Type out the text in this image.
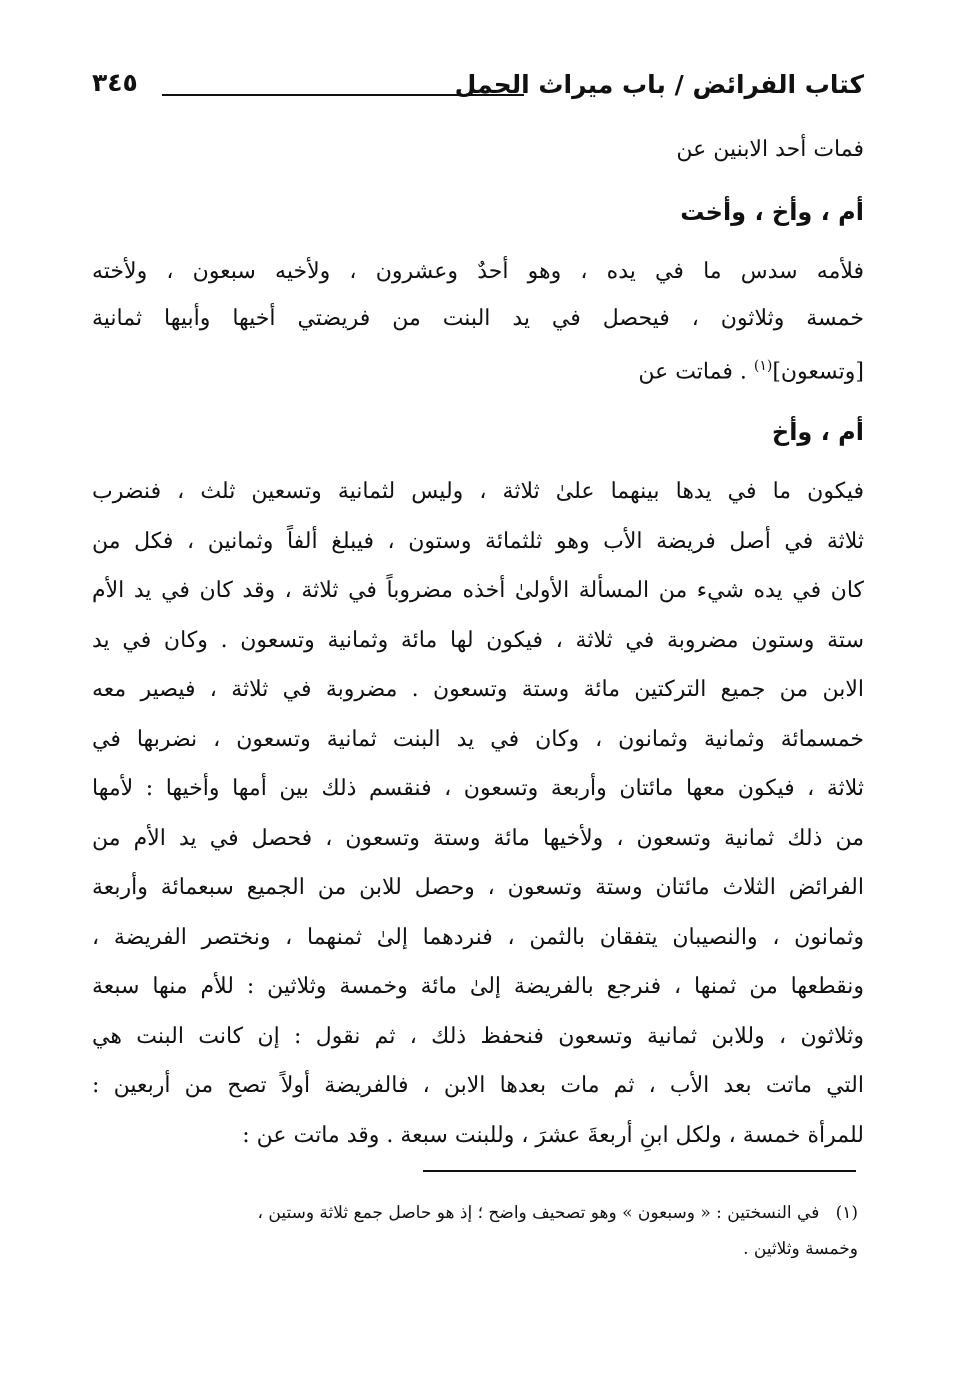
كتاب الفرائض / باب ميراث الحمل
٣٤٥
فمات أحد الابنين عن
أم ، وأخ ، وأخت
فلأمه سدس ما في يده ، وهو أحدٌ وعشرون ، ولأخيه سبعون ، ولأخته
خمسة وثلاثون ، فيحصل في يد البنت من فريضتي أخيها وأبيها ثمانية
[وتسعون]$^{(١)}$ . فماتت عن
أم ، وأخ
فيكون ما في يدها بينهما علىٰ ثلاثة ، وليس لثمانية وتسعين ثلث ، فنضرب
ثلاثة في أصل فريضة الأب وهو ثلثمائة وستون ، فيبلغ ألفاً وثمانين ، فكل من
كان في يده شيء من المسألة الأولىٰ أخذه مضروباً في ثلاثة ، وقد كان في يد الأم
ستة وستون مضروبة في ثلاثة ، فيكون لها مائة وثمانية وتسعون . وكان في يد
الابن من جميع التركتين مائة وستة وتسعون . مضروبة في ثلاثة ، فيصير معه
خمسمائة وثمانية وثمانون ، وكان في يد البنت ثمانية وتسعون ، نضربها في
ثلاثة ، فيكون معها مائتان وأربعة وتسعون ، فنقسم ذلك بين أمها وأخيها : لأمها
من ذلك ثمانية وتسعون ، ولأخيها مائة وستة وتسعون ، فحصل في يد الأم من
الفرائض الثلاث مائتان وستة وتسعون ، وحصل للابن من الجميع سبعمائة وأربعة
وثمانون ، والنصيبان يتفقان بالثمن ، فنردهما إلىٰ ثمنهما ، ونختصر الفريضة ،
ونقطعها من ثمنها ، فنرجع بالفريضة إلىٰ مائة وخمسة وثلاثين : للأم منها سبعة
وثلاثون ، وللابن ثمانية وتسعون فنحفظ ذلك ، ثم نقول : إن كانت البنت هي
التي ماتت بعد الأب ، ثم مات بعدها الابن ، فالفريضة أولاً تصح من أربعين :
للمرأة خمسة ، ولكل ابنِ أربعةَ عشرَ ، وللبنت سبعة . وقد ماتت عن :
(١)   في النسختين : « وسبعون » وهو تصحيف واضح ؛ إذ هو حاصل جمع ثلاثة وستين ،
وخمسة وثلاثين .
